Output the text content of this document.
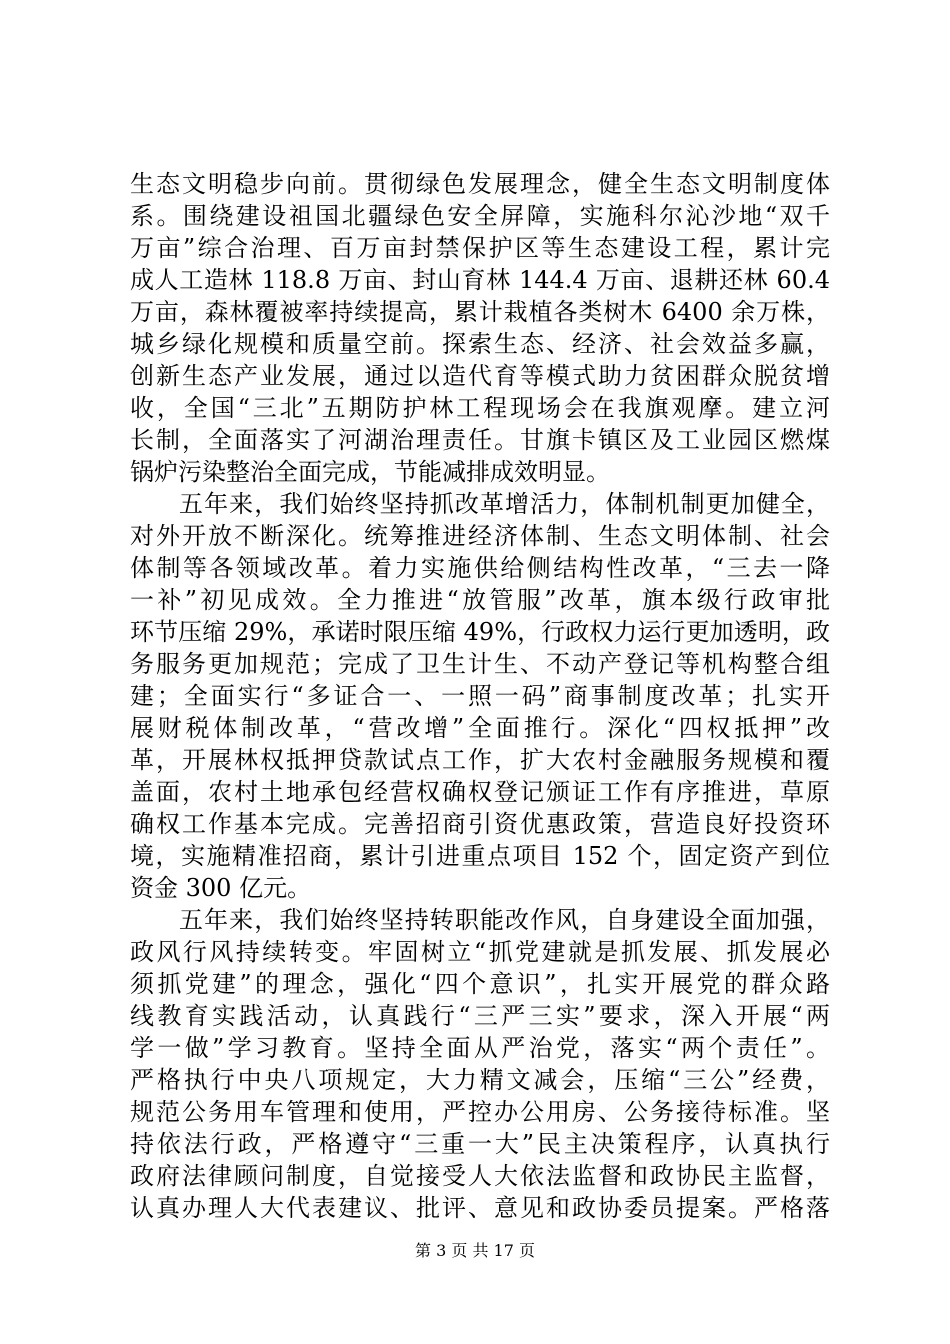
生态文明稳步向前。贯彻绿色发展理念，健全生态文明制度体
系。围绕建设祖国北疆绿色安全屏障，实施科尔沁沙地“双千
万亩”综合治理、百万亩封禁保护区等生态建设工程，累计完
成人工造林 118.8 万亩、封山育林 144.4 万亩、退耕还林 60.4
万亩，森林覆被率持续提高，累计栽植各类树木 6400 余万株，
城乡绿化规模和质量空前。探索生态、经济、社会效益多赢，
创新生态产业发展，通过以造代育等模式助力贫困群众脱贫增
收，全国“三北”五期防护林工程现场会在我旗观摩。建立河
长制，全面落实了河湖治理责任。甘旗卡镇区及工业园区燃煤
锅炉污染整治全面完成，节能减排成效明显。
五年来，我们始终坚持抓改革增活力，体制机制更加健全，
对外开放不断深化。统筹推进经济体制、生态文明体制、社会
体制等各领域改革。着力实施供给侧结构性改革，“三去一降
一补”初见成效。全力推进“放管服”改革，旗本级行政审批
环节压缩 29%，承诺时限压缩 49%，行政权力运行更加透明，政
务服务更加规范；完成了卫生计生、不动产登记等机构整合组
建；全面实行“多证合一、一照一码”商事制度改革；扎实开
展财税体制改革，“营改增”全面推行。深化“四权抵押”改
革，开展林权抵押贷款试点工作，扩大农村金融服务规模和覆
盖面，农村土地承包经营权确权登记颁证工作有序推进，草原
确权工作基本完成。完善招商引资优惠政策，营造良好投资环
境，实施精准招商，累计引进重点项目 152 个，固定资产到位
资金 300 亿元。
五年来，我们始终坚持转职能改作风，自身建设全面加强，
政风行风持续转变。牢固树立“抓党建就是抓发展、抓发展必
须抓党建”的理念，强化“四个意识”，扎实开展党的群众路
线教育实践活动，认真践行“三严三实”要求，深入开展“两
学一做”学习教育。坚持全面从严治党，落实“两个责任”。
严格执行中央八项规定，大力精文减会，压缩“三公”经费，
规范公务用车管理和使用，严控办公用房、公务接待标准。坚
持依法行政，严格遵守“三重一大”民主决策程序，认真执行
政府法律顾问制度，自觉接受人大依法监督和政协民主监督，
认真办理人大代表建议、批评、意见和政协委员提案。严格落
第 3 页 共 17 页
